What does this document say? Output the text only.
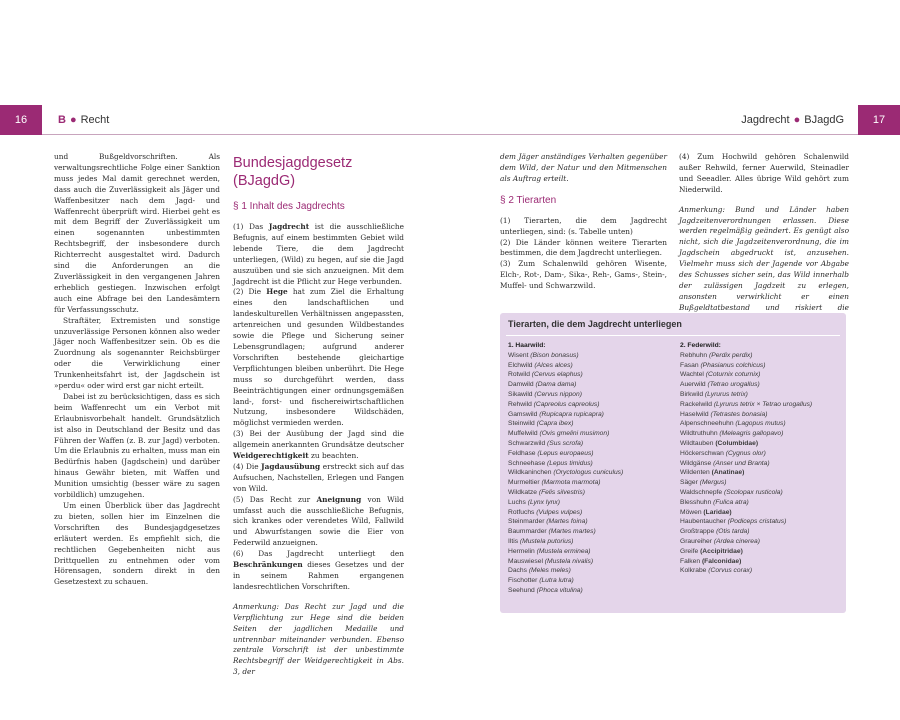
16	B ● Recht

und Bußgeldvorschriften. Als verwaltungsrechtliche Folge einer Sanktion muss jedes Mal damit gerechnet werden, dass auch die Zuverlässigkeit als Jäger und Waffenbesitzer nach dem Jagd- und Waffenrecht überprüft wird. Hierbei geht es mit dem Begriff der Zuverlässigkeit um einen sogenannten unbestimmten Rechtsbegriff, der insbesondere durch Richterrecht ausgestaltet wird. Dadurch sind die Anforderungen an die Zuverlässigkeit in den vergangenen Jahren erheblich gestiegen. Inzwischen erfolgt auch eine Abfrage bei den Landesämtern für Verfassungsschutz.

Straftäter, Extremisten und sonstige unzuverlässige Personen können also weder Jäger noch Waffenbesitzer sein. Ob es die Zuordnung als sogenannter Reichsbürger oder die Verwirklichung einer Trunkenheitsfahrt ist, der Jagdschein ist »perdu« oder wird erst gar nicht erteilt.

Dabei ist zu berücksichtigen, dass es sich beim Waffenrecht um ein Verbot mit Erlaubnisvorbehalt handelt. Grundsätzlich ist also in Deutschland der Besitz und das Führen der Waffen (z. B. zur Jagd) verboten. Um die Erlaubnis zu erhalten, muss man ein Bedürfnis haben (Jagdschein) und darüber hinaus Gewähr bieten, mit Waffen und Munition umsichtig (besser wäre zu sagen vorbildlich) umzugehen.

Um einen Überblick über das Jagdrecht zu bieten, sollen hier im Einzelnen die Vorschriften des Bundesjagdgesetzes erläutert werden. Es empfiehlt sich, die rechtlichen Gegebenheiten nicht aus Drittquellen zu entnehmen oder vom Hörensagen, sondern direkt in den Gesetzestext zu schauen.

Bundesjagdgesetz (BJagdG)
§ 1 Inhalt des Jagdrechts

(1) Das Jagdrecht ist die ausschließliche Befugnis, auf einem bestimmten Gebiet wild lebende Tiere, die dem Jagdrecht unterliegen, (Wild) zu hegen, auf sie die Jagd auszuüben und sie sich anzueignen. Mit dem Jagdrecht ist die Pflicht zur Hege verbunden.

(2) Die Hege hat zum Ziel die Erhaltung eines den landschaftlichen und landeskulturellen Verhältnissen angepassten, artenreichen und gesunden Wildbestandes sowie die Pflege und Sicherung seiner Lebensgrundlagen; aufgrund anderer Vorschriften bestehende gleichartige Verpflichtungen bleiben unberührt. Die Hege muss so durchgeführt werden, dass Beeinträchtigungen einer ordnungsgemäßen land-, forst- und fischereiwirtschaftlichen Nutzung, insbesondere Wildschäden, möglichst vermieden werden.

(3) Bei der Ausübung der Jagd sind die allgemein anerkannten Grundsätze deutscher Weidgerechtigkeit zu beachten.

(4) Die Jagdausübung erstreckt sich auf das Aufsuchen, Nachstellen, Erlegen und Fangen von Wild.

(5) Das Recht zur Aneignung von Wild umfasst auch die ausschließliche Befugnis, sich krankes oder verendetes Wild, Fallwild und Abwurfstangen sowie die Eier von Federwild anzueignen.

(6) Das Jagdrecht unterliegt den Beschränkungen dieses Gesetzes und der in seinem Rahmen ergangenen landesrechtlichen Vorschriften.

Anmerkung: Das Recht zur Jagd und die Verpflichtung zur Hege sind die beiden Seiten der jagdlichen Medaille und untrennbar miteinander verbunden. Ebenso zentrale Vorschrift ist der unbestimmte Rechtsbegriff der Weidgerechtigkeit in Abs. 3, der

17
Jagdrecht ● BJagdG

dem Jäger anständiges Verhalten gegenüber dem Wild, der Natur und den Mitmenschen als Auftrag erteilt.

§ 2 Tierarten

(1) Tierarten, die dem Jagdrecht unterliegen, sind: (s. Tabelle unten)

(2) Die Länder können weitere Tierarten bestimmen, die dem Jagdrecht unterliegen.

(3) Zum Schalenwild gehören Wisente, Elch-, Rot-, Dam-, Sika-, Reh-, Gams-, Stein-, Muffel- und Schwarzwild.

(4) Zum Hochwild gehören Schalenwild außer Rehwild, ferner Auerwild, Steinadler und Seeadler. Alles übrige Wild gehört zum Niederwild.

Anmerkung: Bund und Länder haben Jagdzeitenverordnungen erlassen. Diese werden regelmäßig geändert. Es genügt also nicht, sich die Jagdzeitenverordnung, die im Jagdschein abgedruckt ist, anzusehen. Vielmehr muss sich der Jagende vor Abgabe des Schusses sicher sein, das Wild innerhalb der zulässigen Jagdzeit zu erlegen, ansonsten verwirklicht er einen Bußgeldtatbestand und riskiert die

Tierarten, die dem Jagdrecht unterliegen
1. Haarwild:
Wisent (Bison bonasus)
Elchwild (Alces alces)
Rotwild (Cervus elaphus)
Damwild (Dama dama)
Sikawild (Cervus nippon)
Rehwild (Capreolus capreolus)
Gamswild (Rupicapra rupicapra)
Steinwild (Capra ibex)
Muffelwild (Ovis gmelini musimon)
Schwarzwild (Sus scrofa)
Feldhase (Lepus europaeus)
Schneehase (Lepus timidus)
Wildkaninchen (Oryctologus cuniculus)
Murmeltier (Marmota marmota)
Wildkatze (Felis silvestris)
Luchs (Lynx lynx)
Rotfuchs (Vulpes vulpes)
Steinmarder (Martes foina)
Baummarder (Martes martes)
Iltis (Mustela putorius)
Hermelin (Mustela erminea)
Mauswiesel (Mustela nivalis)
Dachs (Meles meles)
Fischotter (Lutra lutra)
Seehund (Phoca vitulina)
2. Federwild:
Rebhuhn (Perdix perdix)
Fasan (Phasianus colchicus)
Wachtel (Coturnix coturnix)
Auerwild (Tetrao urogallus)
Birkwild (Lyrurus tetrix)
Rackelwild (Lyrurus tetrix × Tetrao urogallus)
Haselwild (Tetrastes bonasia)
Alpenschneehuhn (Lagopus mutus)
Wildtruthuhn (Meleagris gallopavo)
Wildtauben (Columbidae)
Höckerschwan (Cygnus olor)
Wildgänse (Anser und Branta)
Wildenten (Anatinae)
Säger (Mergus)
Waldschnepfe (Scolopax rusticola)
Blesshuhn (Fulica atra)
Möwen (Laridae)
Haubentaucher (Podiceps cristatus)
Großtrappe (Otis tarda)
Graureiher (Ardea cinerea)
Greife (Accipitridae)
Falken (Falconidae)
Kolkrabe (Corvus corax)
